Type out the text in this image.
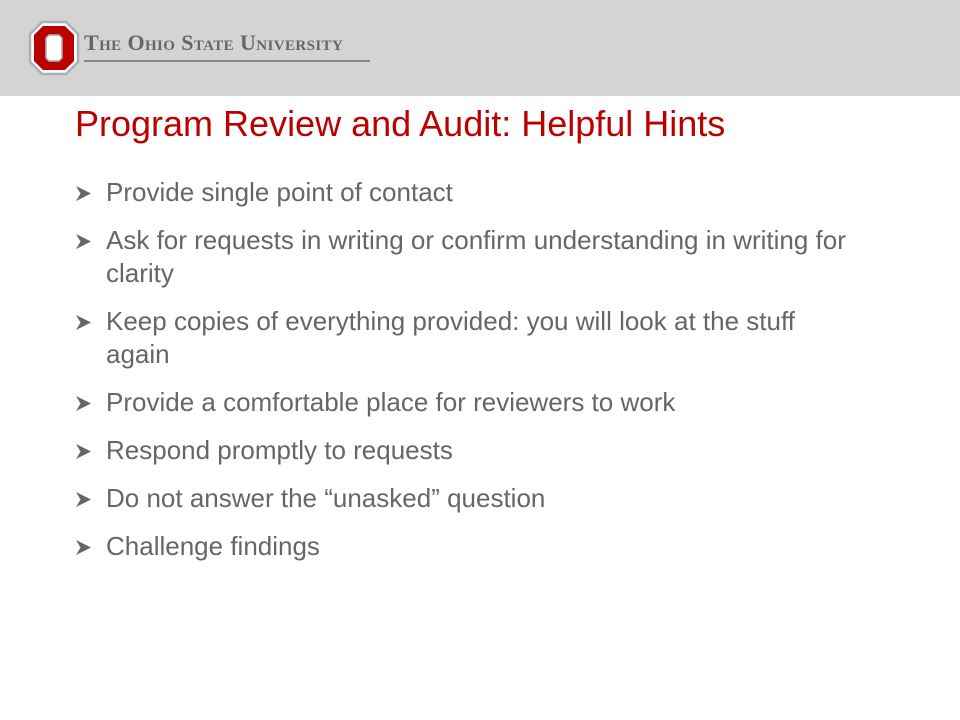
The Ohio State University
Program Review and Audit: Helpful Hints
Provide single point of contact
Ask for requests in writing or confirm understanding in writing for clarity
Keep copies of everything provided: you will look at the stuff again
Provide a comfortable place for reviewers to work
Respond promptly to requests
Do not answer the “unasked” question
Challenge findings
